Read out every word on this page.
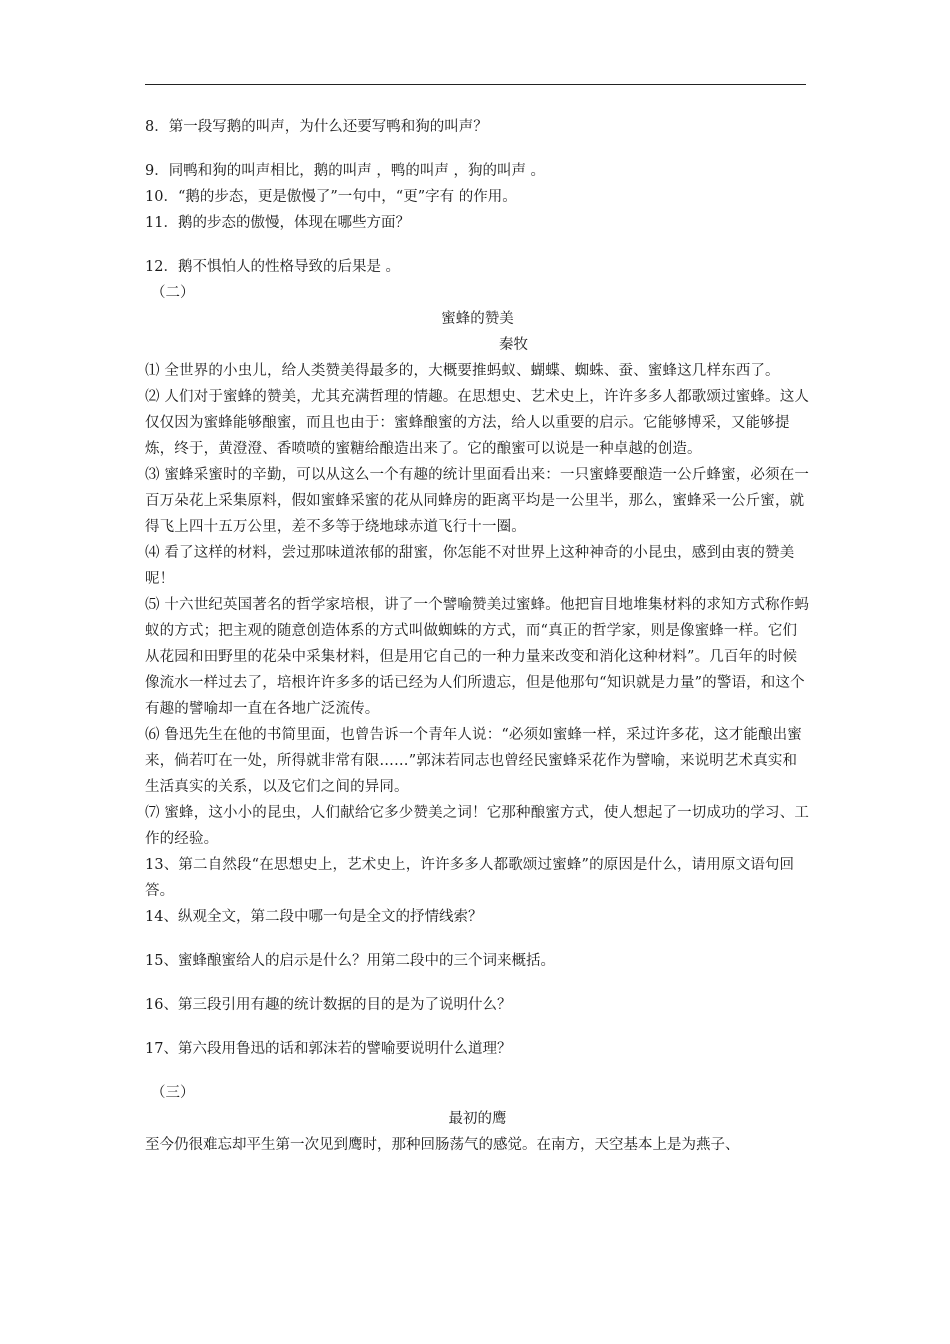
8．第一段写鹅的叫声，为什么还要写鸭和狗的叫声？
9．同鸭和狗的叫声相比，鹅的叫声 ，鸭的叫声 ，狗的叫声 。
10．“鹅的步态，更是傲慢了”一句中，“更”字有 的作用。
11．鹅的步态的傲慢，体现在哪些方面？
12．鹅不惧怕人的性格导致的后果是 。
（二）
蜜蜂的赞美
秦牧
⑴ 全世界的小虫儿，给人类赞美得最多的，大概要推蚂蚁、蝴蝶、蜘蛛、蚕、蜜蜂这几样东西了。
⑵ 人们对于蜜蜂的赞美，尤其充满哲理的情趣。在思想史、艺术史上，许许多多人都歌颂过蜜蜂。这人仅仅因为蜜蜂能够酿蜜，而且也由于：蜜蜂酿蜜的方法，给人以重要的启示。它能够博采，又能够提炼，终于，黄澄澄、香喷喷的蜜糖给酿造出来了。它的酿蜜可以说是一种卓越的创造。
⑶ 蜜蜂采蜜时的辛勤，可以从这么一个有趣的统计里面看出来：一只蜜蜂要酿造一公斤蜂蜜，必须在一百万朵花上采集原料，假如蜜蜂采蜜的花从同蜂房的距离平均是一公里半，那么，蜜蜂采一公斤蜜，就得飞上四十五万公里，差不多等于绕地球赤道飞行十一圈。
⑷ 看了这样的材料，尝过那味道浓郁的甜蜜，你怎能不对世界上这种神奇的小昆虫，感到由衷的赞美呢！
⑸ 十六世纪英国著名的哲学家培根，讲了一个譬喻赞美过蜜蜂。他把盲目地堆集材料的求知方式称作蚂蚁的方式；把主观的随意创造体系的方式叫做蜘蛛的方式，而“真正的哲学家，则是像蜜蜂一样。它们从花园和田野里的花朵中采集材料，但是用它自己的一种力量来改变和消化这种材料”。几百年的时候像流水一样过去了，培根许许多多的话已经为人们所遗忘，但是他那句“知识就是力量”的警语，和这个有趣的譬喻却一直在各地广泛流传。
⑹ 鲁迅先生在他的书简里面，也曾告诉一个青年人说：“必须如蜜蜂一样，采过许多花，这才能酿出蜜来，倘若叮在一处，所得就非常有限……”郭沫若同志也曾经民蜜蜂采花作为譬喻，来说明艺术真实和生活真实的关系，以及它们之间的异同。
⑺ 蜜蜂，这小小的昆虫，人们献给它多少赞美之词！它那种酿蜜方式，使人想起了一切成功的学习、工作的经验。
13、第二自然段“在思想史上，艺术史上，许许多多人都歌颂过蜜蜂”的原因是什么，请用原文语句回答。
14、纵观全文，第二段中哪一句是全文的抒情线索？
15、蜜蜂酿蜜给人的启示是什么？用第二段中的三个词来概括。
16、第三段引用有趣的统计数据的目的是为了说明什么？
17、第六段用鲁迅的话和郭沫若的譬喻要说明什么道理？
（三）
最初的鹰
至今仍很难忘却平生第一次见到鹰时，那种回肠荡气的感觉。在南方，天空基本上是为燕子、
